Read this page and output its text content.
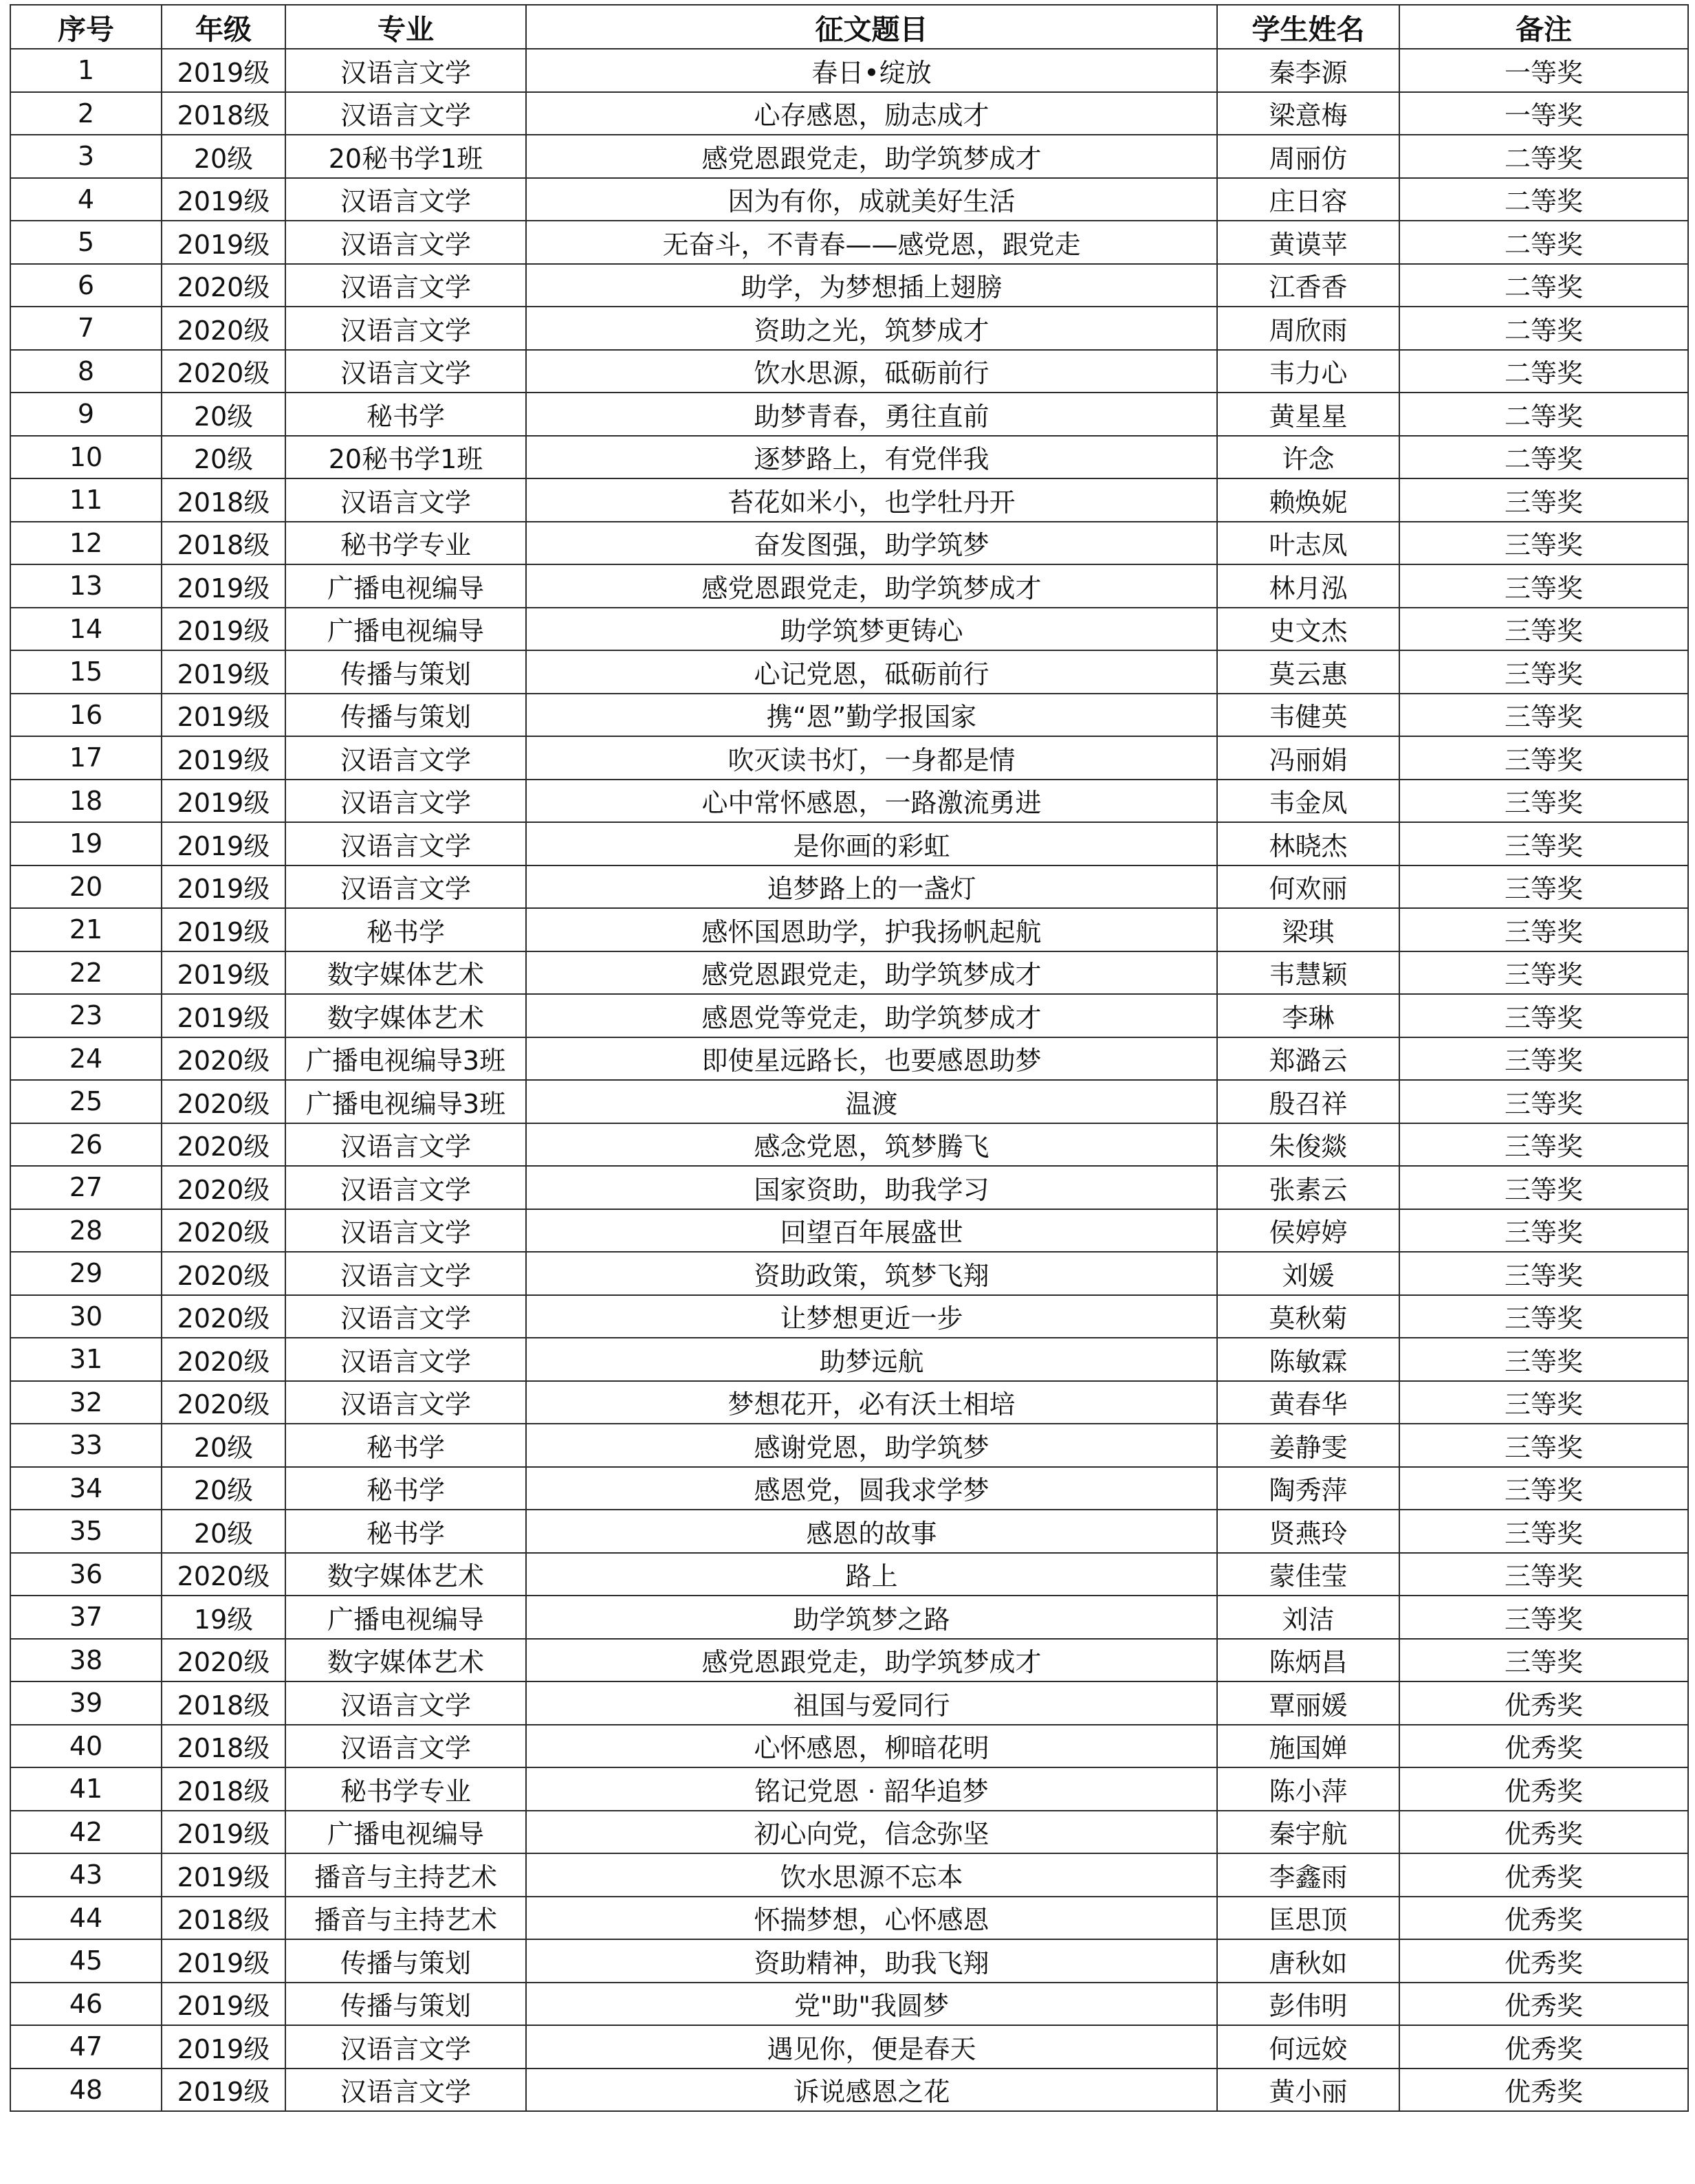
序号	年级	专业	征文题目	学生姓名	备注
1	2019级	汉语言文学	春日•绽放	秦李源	一等奖
2	2018级	汉语言文学	心存感恩，励志成才	梁意梅	一等奖
3	20级	20秘书学1班	感党恩跟党走，助学筑梦成才	周丽仿	二等奖
4	2019级	汉语言文学	因为有你，成就美好生活	庄日容	二等奖
5	2019级	汉语言文学	无奋斗，不青春——感党恩，跟党走	黄谟苹	二等奖
6	2020级	汉语言文学	助学，为梦想插上翅膀	江香香	二等奖
7	2020级	汉语言文学	资助之光，筑梦成才	周欣雨	二等奖
8	2020级	汉语言文学	饮水思源，砥砺前行	韦力心	二等奖
9	20级	秘书学	助梦青春，勇往直前	黄星星	二等奖
10	20级	20秘书学1班	逐梦路上，有党伴我	许念	二等奖
11	2018级	汉语言文学	苔花如米小，也学牡丹开	赖焕妮	三等奖
12	2018级	秘书学专业	奋发图强，助学筑梦	叶志凤	三等奖
13	2019级	广播电视编导	感党恩跟党走，助学筑梦成才	林月泓	三等奖
14	2019级	广播电视编导	助学筑梦更铸心	史文杰	三等奖
15	2019级	传播与策划	心记党恩，砥砺前行	莫云惠	三等奖
16	2019级	传播与策划	携“恩”勤学报国家	韦健英	三等奖
17	2019级	汉语言文学	吹灭读书灯，一身都是情	冯丽娟	三等奖
18	2019级	汉语言文学	心中常怀感恩，一路激流勇进	韦金凤	三等奖
19	2019级	汉语言文学	是你画的彩虹	林晓杰	三等奖
20	2019级	汉语言文学	追梦路上的一盏灯	何欢丽	三等奖
21	2019级	秘书学	感怀国恩助学，护我扬帆起航	梁琪	三等奖
22	2019级	数字媒体艺术	感党恩跟党走，助学筑梦成才	韦慧颖	三等奖
23	2019级	数字媒体艺术	感恩党等党走，助学筑梦成才	李琳	三等奖
24	2020级	广播电视编导3班	即使星远路长，也要感恩助梦	郑潞云	三等奖
25	2020级	广播电视编导3班	温渡	殷召祥	三等奖
26	2020级	汉语言文学	感念党恩，筑梦腾飞	朱俊燚	三等奖
27	2020级	汉语言文学	国家资助，助我学习	张素云	三等奖
28	2020级	汉语言文学	回望百年展盛世	侯婷婷	三等奖
29	2020级	汉语言文学	资助政策，筑梦飞翔	刘媛	三等奖
30	2020级	汉语言文学	让梦想更近一步	莫秋菊	三等奖
31	2020级	汉语言文学	助梦远航	陈敏霖	三等奖
32	2020级	汉语言文学	梦想花开，必有沃土相培	黄春华	三等奖
33	20级	秘书学	感谢党恩，助学筑梦	姜静雯	三等奖
34	20级	秘书学	感恩党，圆我求学梦	陶秀萍	三等奖
35	20级	秘书学	感恩的故事	贤燕玲	三等奖
36	2020级	数字媒体艺术	路上	蒙佳莹	三等奖
37	19级	广播电视编导	助学筑梦之路	刘洁	三等奖
38	2020级	数字媒体艺术	感党恩跟党走，助学筑梦成才	陈炳昌	三等奖
39	2018级	汉语言文学	祖国与爱同行	覃丽媛	优秀奖
40	2018级	汉语言文学	心怀感恩，柳暗花明	施国婵	优秀奖
41	2018级	秘书学专业	铭记党恩 · 韶华追梦	陈小萍	优秀奖
42	2019级	广播电视编导	初心向党，信念弥坚	秦宇航	优秀奖
43	2019级	播音与主持艺术	饮水思源不忘本	李鑫雨	优秀奖
44	2018级	播音与主持艺术	怀揣梦想，心怀感恩	匡思顶	优秀奖
45	2019级	传播与策划	资助精神，助我飞翔	唐秋如	优秀奖
46	2019级	传播与策划	党"助"我圆梦	彭伟明	优秀奖
47	2019级	汉语言文学	遇见你，便是春天	何远姣	优秀奖
48	2019级	汉语言文学	诉说感恩之花	黄小丽	优秀奖
